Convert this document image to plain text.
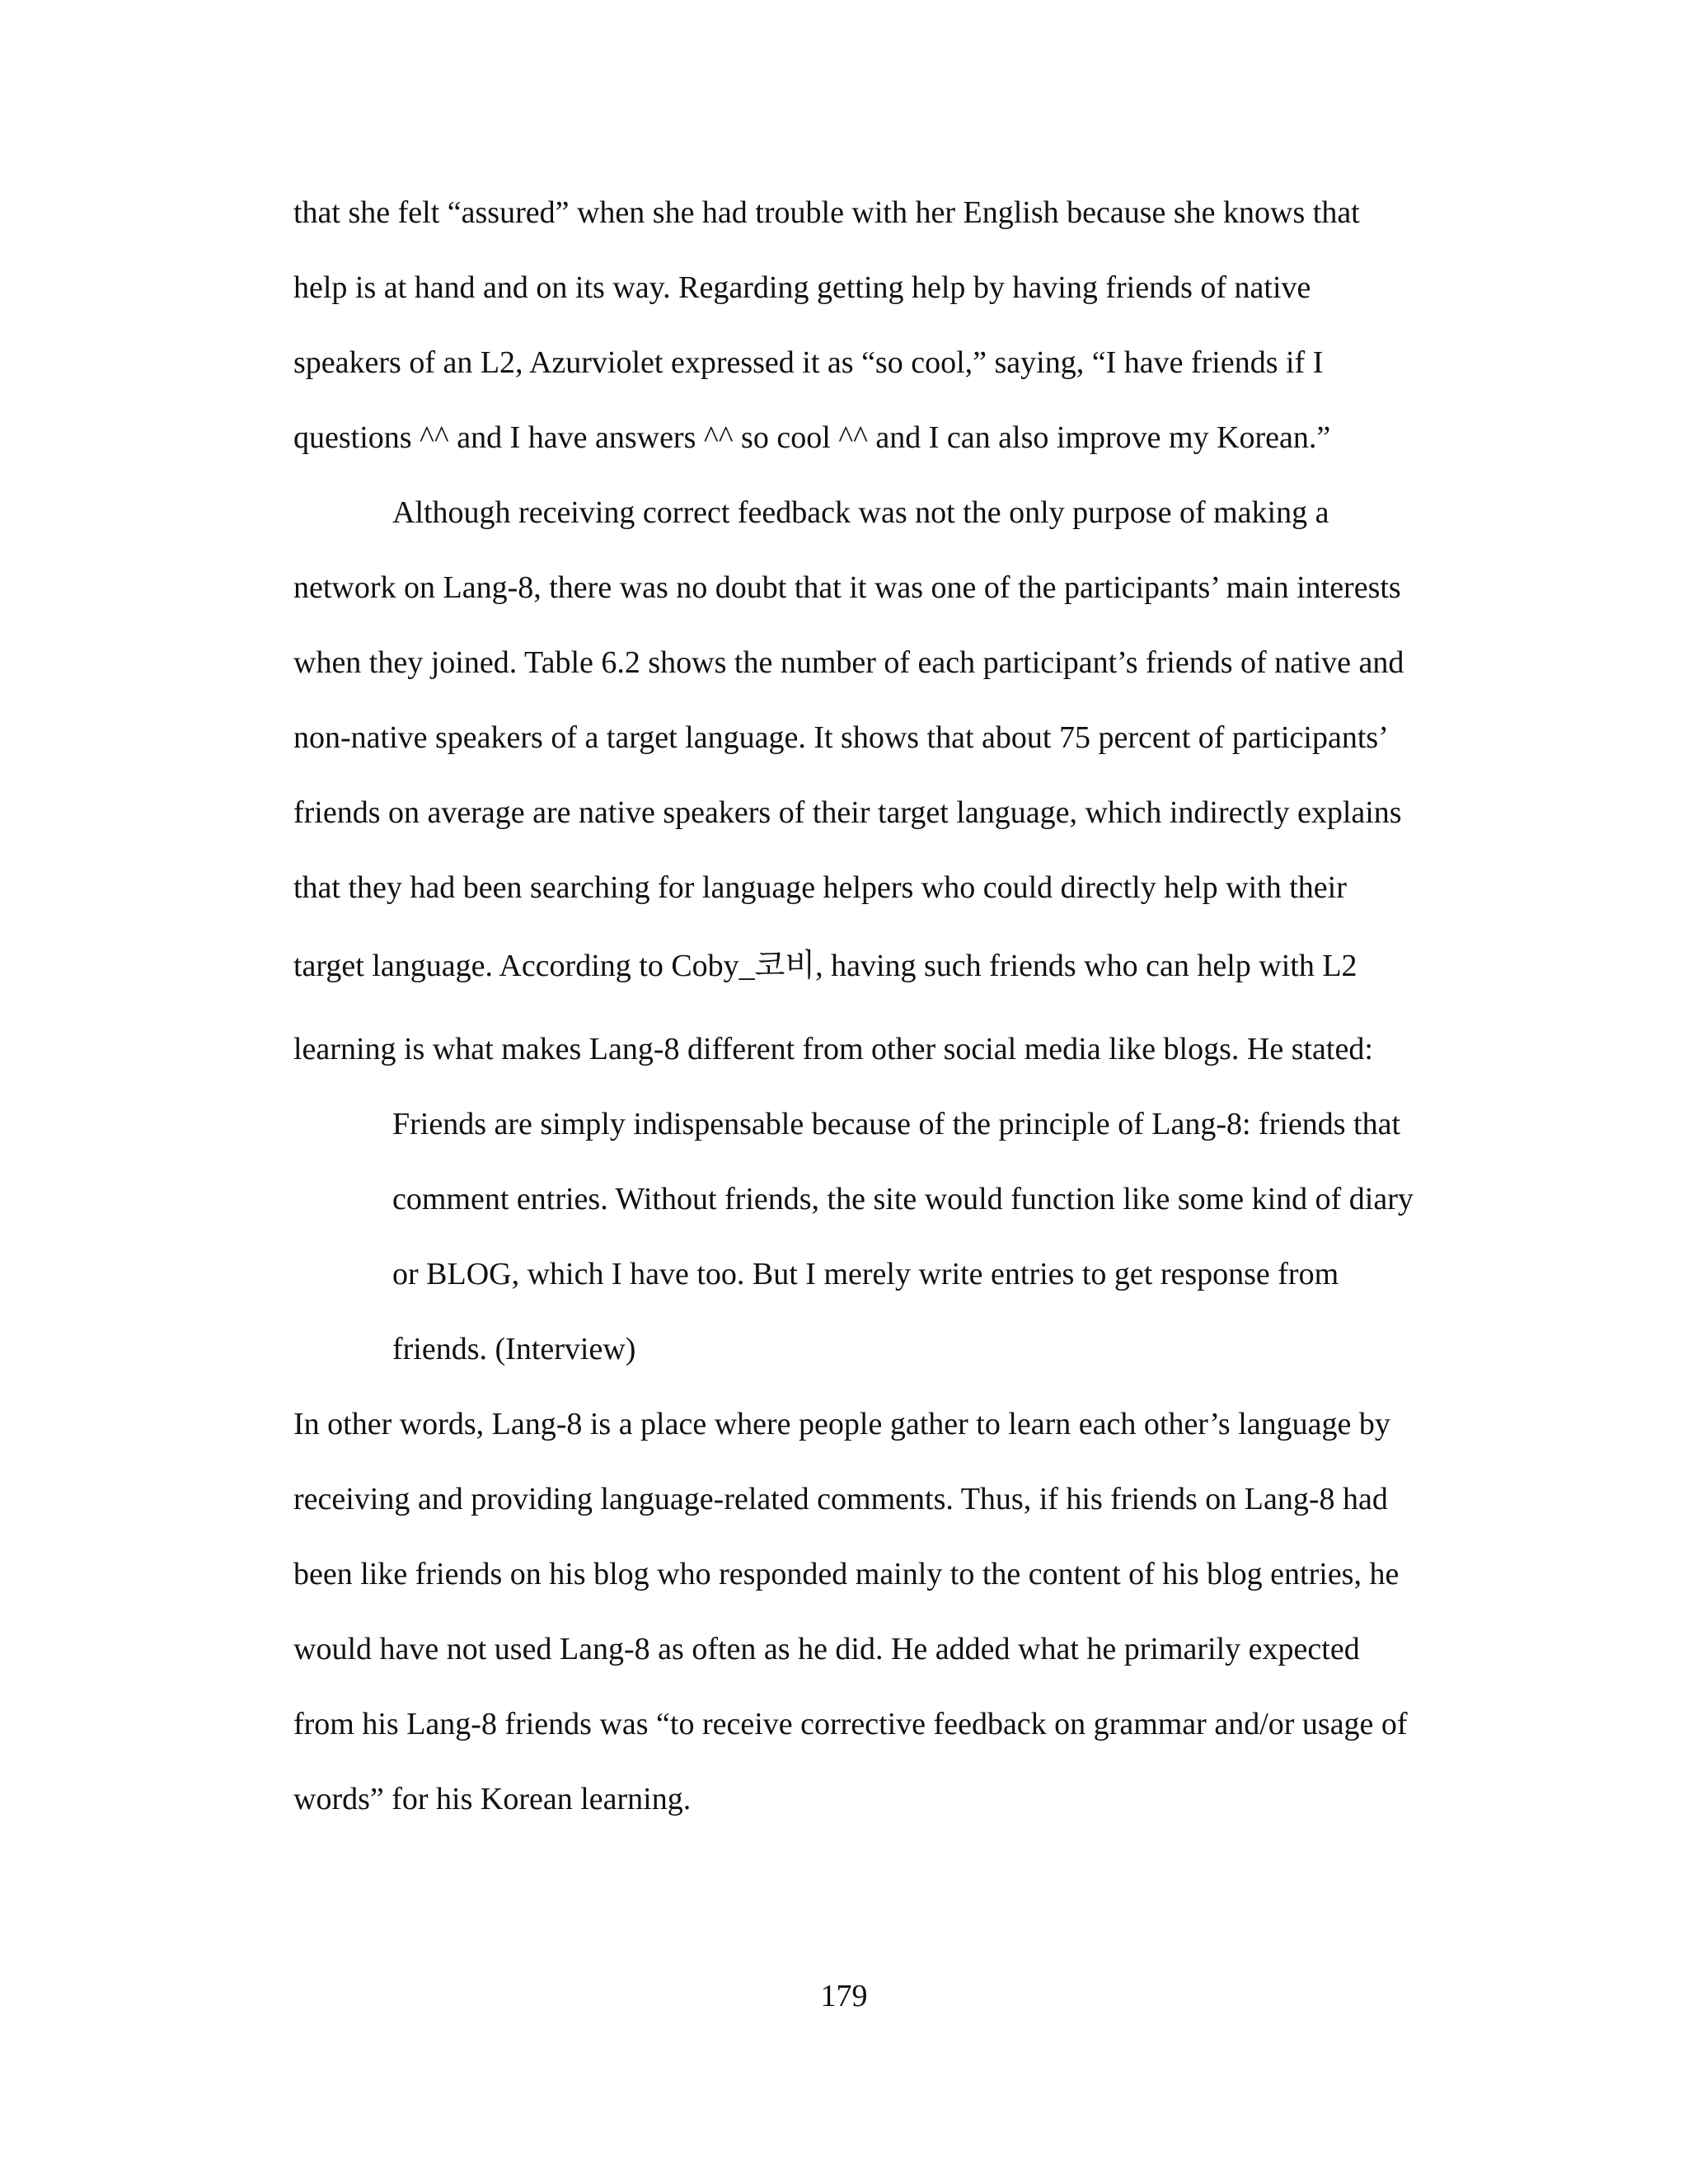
that she felt “assured” when she had trouble with her English because she knows that

help is at hand and on its way. Regarding getting help by having friends of native

speakers of an L2, Azurviolet expressed it as “so cool,” saying, “I have friends if I

questions ^^ and I have answers ^^ so cool ^^ and I can also improve my Korean.”

Although receiving correct feedback was not the only purpose of making a

network on Lang-8, there was no doubt that it was one of the participants’ main interests

when they joined. Table 6.2 shows the number of each participant’s friends of native and

non-native speakers of a target language. It shows that about 75 percent of participants’

friends on average are native speakers of their target language, which indirectly explains

that they had been searching for language helpers who could directly help with their

target language. According to Coby_코비, having such friends who can help with L2

learning is what makes Lang-8 different from other social media like blogs. He stated:

Friends are simply indispensable because of the principle of Lang-8: friends that

comment entries. Without friends, the site would function like some kind of diary

or BLOG, which I have too. But I merely write entries to get response from

friends. (Interview)

In other words, Lang-8 is a place where people gather to learn each other’s language by

receiving and providing language-related comments. Thus, if his friends on Lang-8 had

been like friends on his blog who responded mainly to the content of his blog entries, he

would have not used Lang-8 as often as he did. He added what he primarily expected

from his Lang-8 friends was “to receive corrective feedback on grammar and/or usage of

words” for his Korean learning.

179
